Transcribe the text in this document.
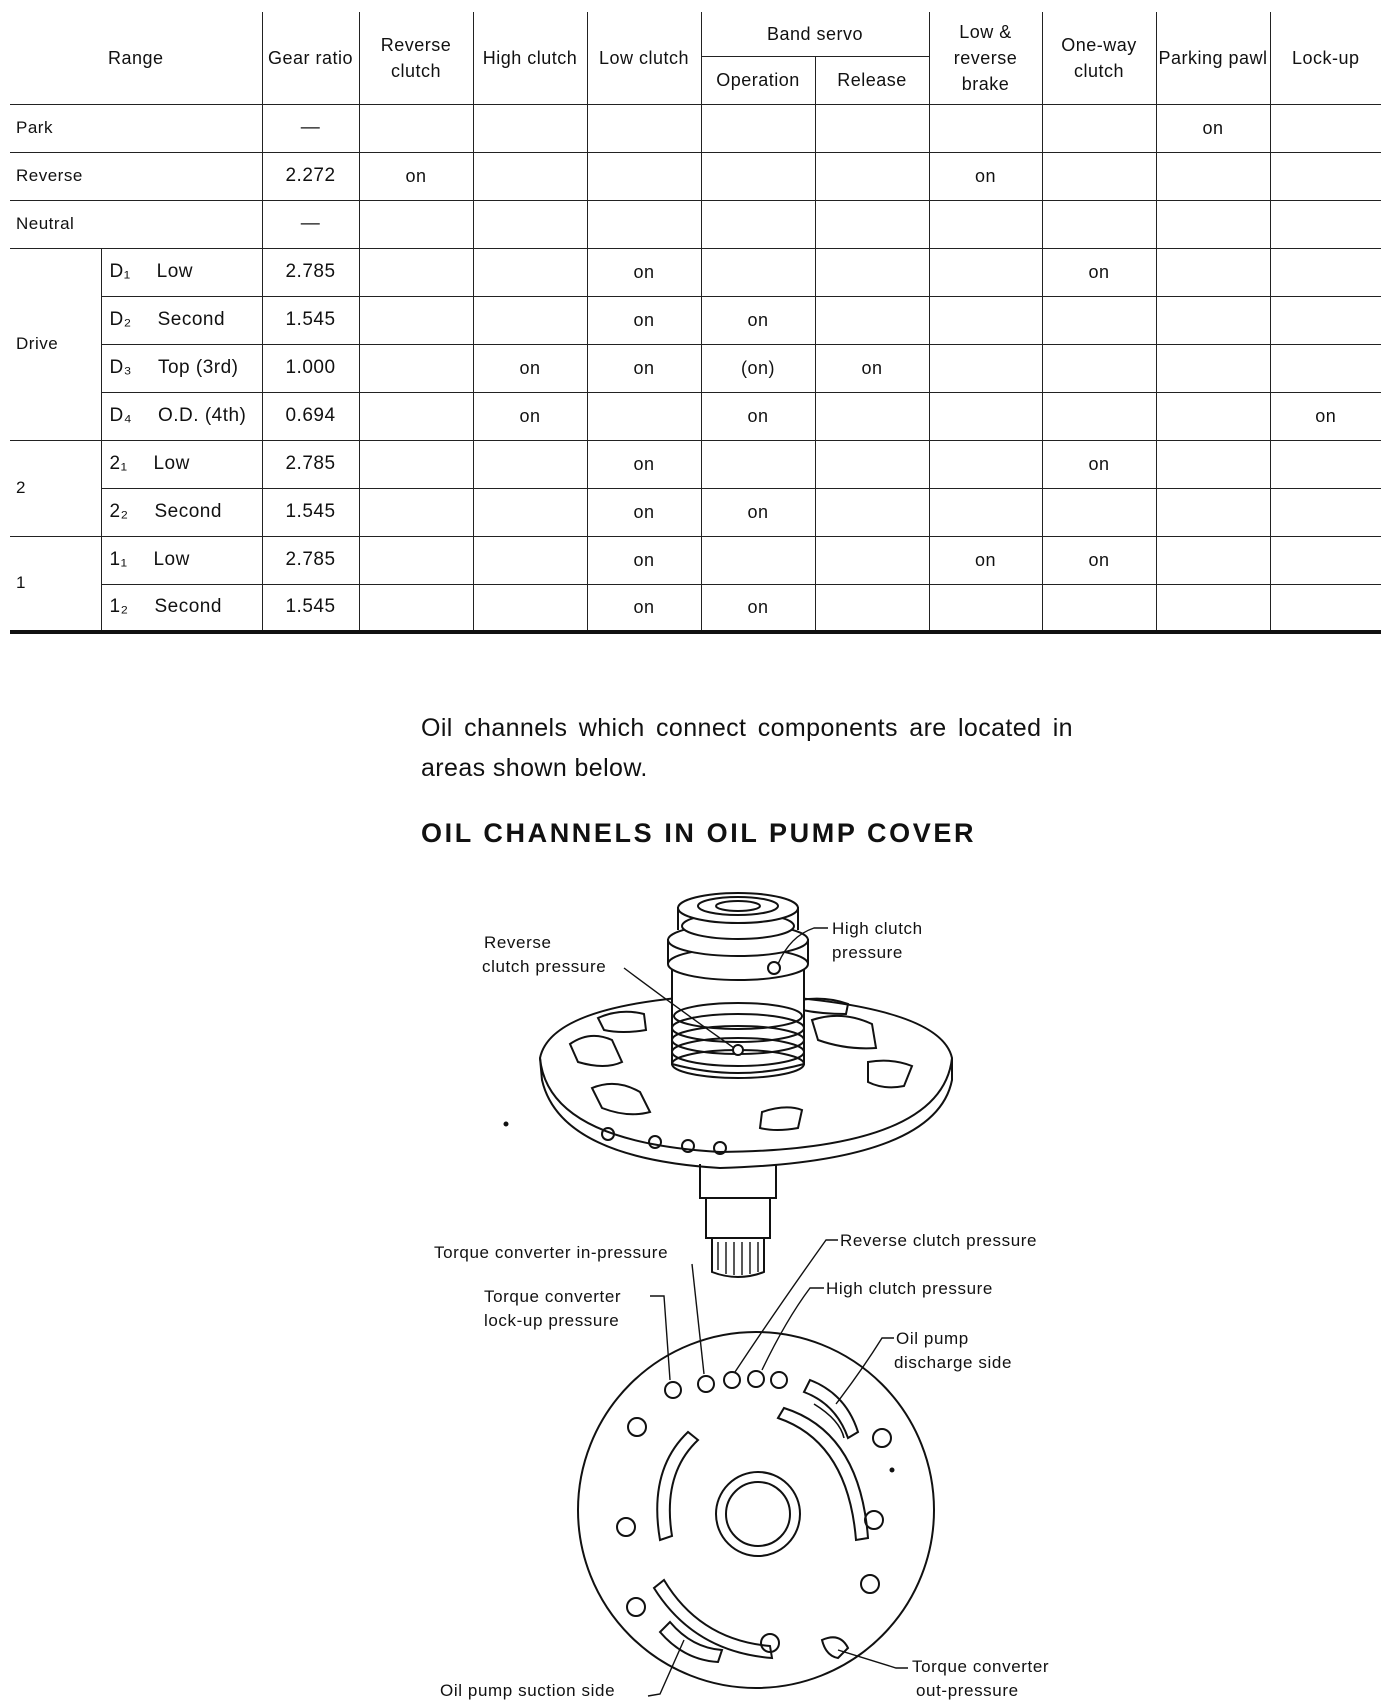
Range		Gear ratio	Reverse clutch	High clutch	Low clutch	Band servo		Low & reverse brake	One-way clutch	Parking pawl	Lock-up
						Operation	Release				
Park		—								on	
Reverse		2.272	on					on			
Neutral		—									
Drive	D₁ Low	2.785			on				on		
	D₂ Second	1.545			on	on					
	D₃ Top (3rd)	1.000		on	on	(on)	on				
	D₄ O.D. (4th)	0.694		on		on					on
2	2₁ Low	2.785			on				on		
	2₂ Second	1.545			on	on					
1	1₁ Low	2.785			on			on	on		
	1₂ Second	1.545			on	on					
Oil channels which connect components are located in areas shown below.
OIL CHANNELS IN OIL PUMP COVER
Reverse
clutch pressure
High clutch
pressure
Torque converter in-pressure
Reverse clutch pressure
High clutch pressure
Torque converter
lock-up pressure
Oil pump
discharge side
Oil pump suction side
Torque converter
out-pressure
